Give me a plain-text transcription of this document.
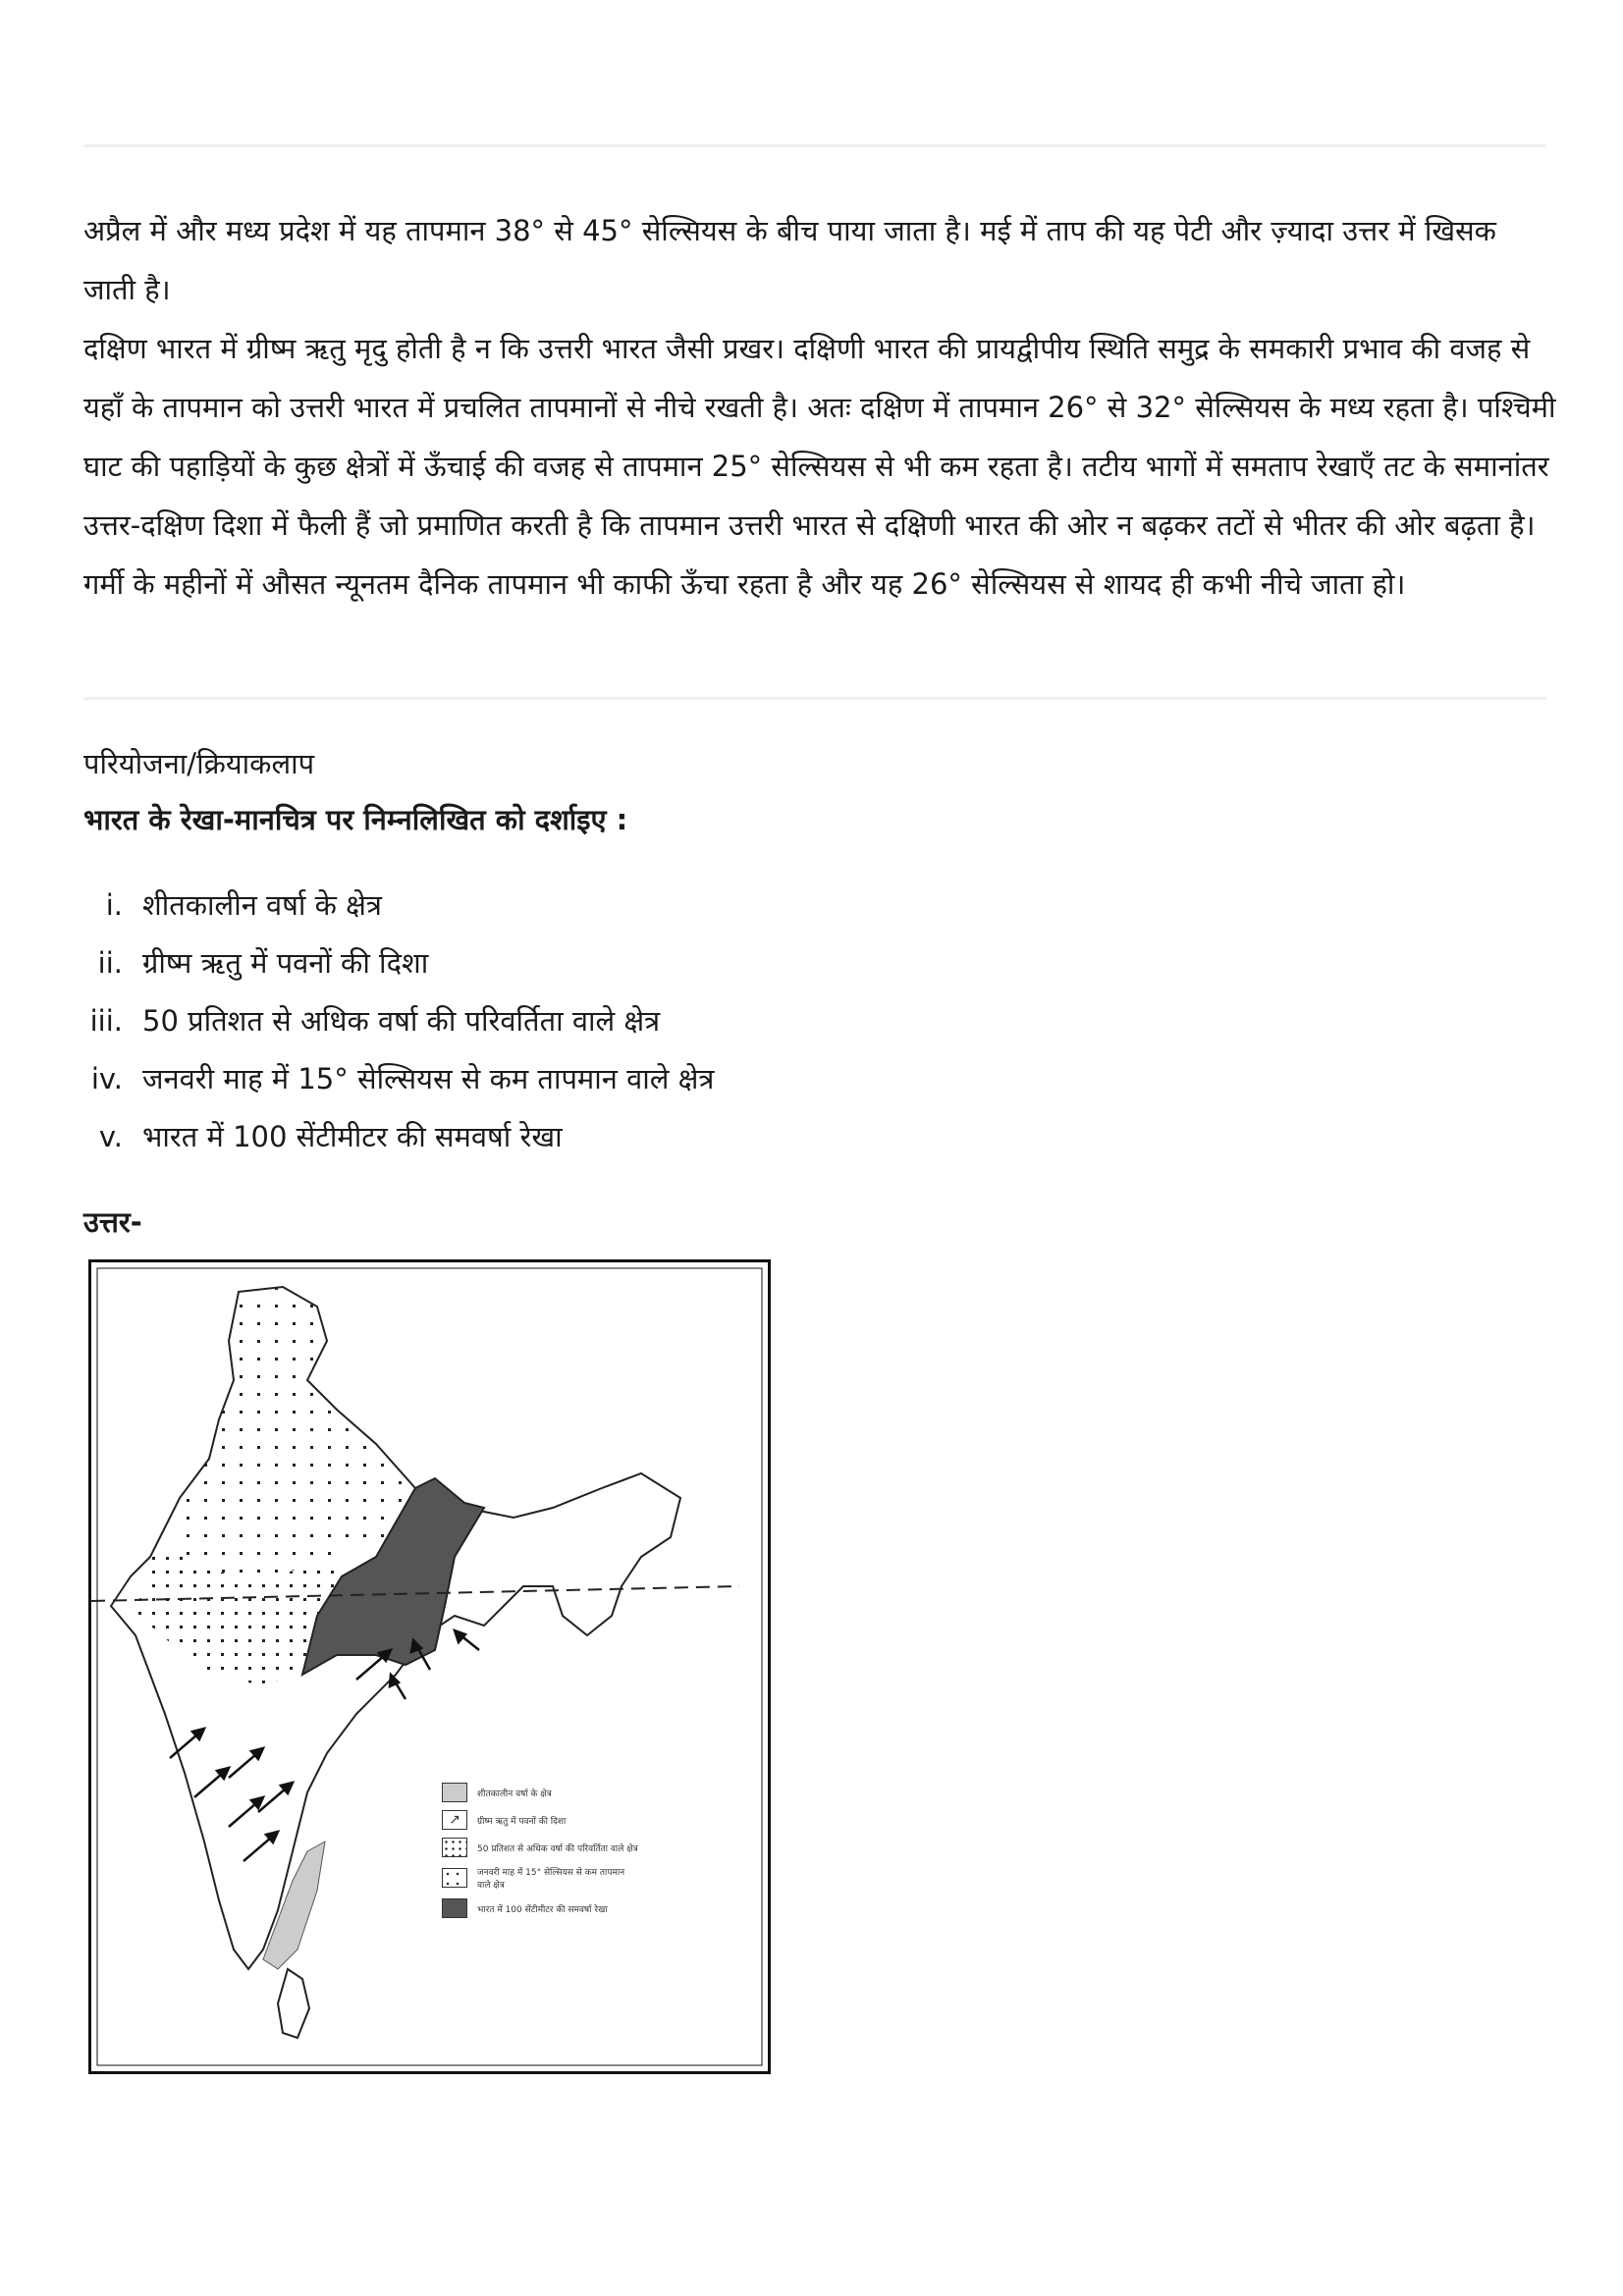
अप्रैल में और मध्य प्रदेश में यह तापमान 38° से 45° सेल्सियस के बीच पाया जाता है। मई में ताप की यह पेटी और ज़्यादा उत्तर में खिसक जाती है।

दक्षिण भारत में ग्रीष्म ऋतु मृदु होती है न कि उत्तरी भारत जैसी प्रखर। दक्षिणी भारत की प्रायद्वीपीय स्थिति समुद्र के समकारी प्रभाव की वजह से यहाँ के तापमान को उत्तरी भारत में प्रचलित तापमानों से नीचे रखती है। अतः दक्षिण में तापमान 26° से 32° सेल्सियस के मध्य रहता है। पश्चिमी घाट की पहाड़ियों के कुछ क्षेत्रों में ऊँचाई की वजह से तापमान 25° सेल्सियस से भी कम रहता है। तटीय भागों में समताप रेखाएँ तट के समानांतर उत्तर-दक्षिण दिशा में फैली हैं जो प्रमाणित करती है कि तापमान उत्तरी भारत से दक्षिणी भारत की ओर न बढ़कर तटों से भीतर की ओर बढ़ता है। गर्मी के महीनों में औसत न्यूनतम दैनिक तापमान भी काफी ऊँचा रहता है और यह 26° सेल्सियस से शायद ही कभी नीचे जाता हो।

परियोजना/क्रियाकलाप
भारत के रेखा-मानचित्र पर निम्नलिखित को दर्शाइए :
i. शीतकालीन वर्षा के क्षेत्र
ii. ग्रीष्म ऋतु में पवनों की दिशा
iii. 50 प्रतिशत से अधिक वर्षा की परिवर्तिता वाले क्षेत्र
iv. जनवरी माह में 15° सेल्सियस से कम तापमान वाले क्षेत्र
v. भारत में 100 सेंटीमीटर की समवर्षा रेखा
उत्तर-
शीतकालीन वर्षा के क्षेत्र
↗	ग्रीष्म ऋतु में पवनों की दिशा
50 प्रतिशत से अधिक वर्षा की परिवर्तिता वाले क्षेत्र
जनवरी माह में 15° सेल्सियस से कम तापमान वाले क्षेत्र
भारत में 100 सेंटीमीटर की समवर्षा रेखा
